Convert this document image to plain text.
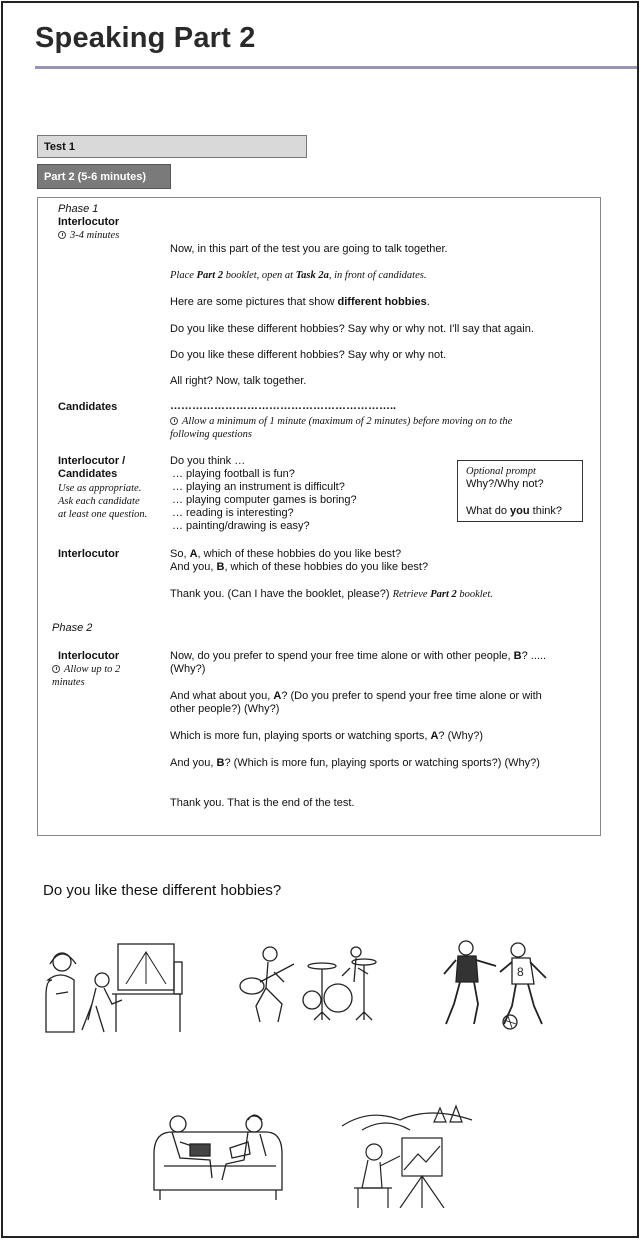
Speaking Part 2
Test 1
Part 2 (5-6 minutes)
Phase 1
Interlocutor
3-4 minutes
Now, in this part of the test you are going to talk together.
Place Part 2 booklet, open at Task 2a, in front of candidates.
Here are some pictures that show different hobbies.
Do you like these different hobbies? Say why or why not. I'll say that again.
Do you like these different hobbies? Say why or why not.
All right? Now, talk together.
Candidates	……………………………………………………..
Allow a minimum of 1 minute (maximum of 2 minutes) before moving on to the
following questions
Interlocutor /
Candidates
Use as appropriate.
Ask each candidate
at least one question.
Do you think …
… playing football is fun?
… playing an instrument is difficult?
… playing computer games is boring?
… reading is interesting?
… painting/drawing is easy?
Optional prompt
Why?/Why not?
What do you think?
Interlocutor	So, A, which of these hobbies do you like best?
And you, B, which of these hobbies do you like best?
Thank you. (Can I have the booklet, please?) Retrieve Part 2 booklet.
Phase 2
Interlocutor
Allow up to 2
minutes
Now, do you prefer to spend your free time alone or with other people, B? .....
(Why?)
And what about you, A? (Do you prefer to spend your free time alone or with
other people?) (Why?)
Which is more fun, playing sports or watching sports, A? (Why?)
And you, B? (Which is more fun, playing sports or watching sports?) (Why?)
Thank you. That is the end of the test.
Do you like these different hobbies?
8
